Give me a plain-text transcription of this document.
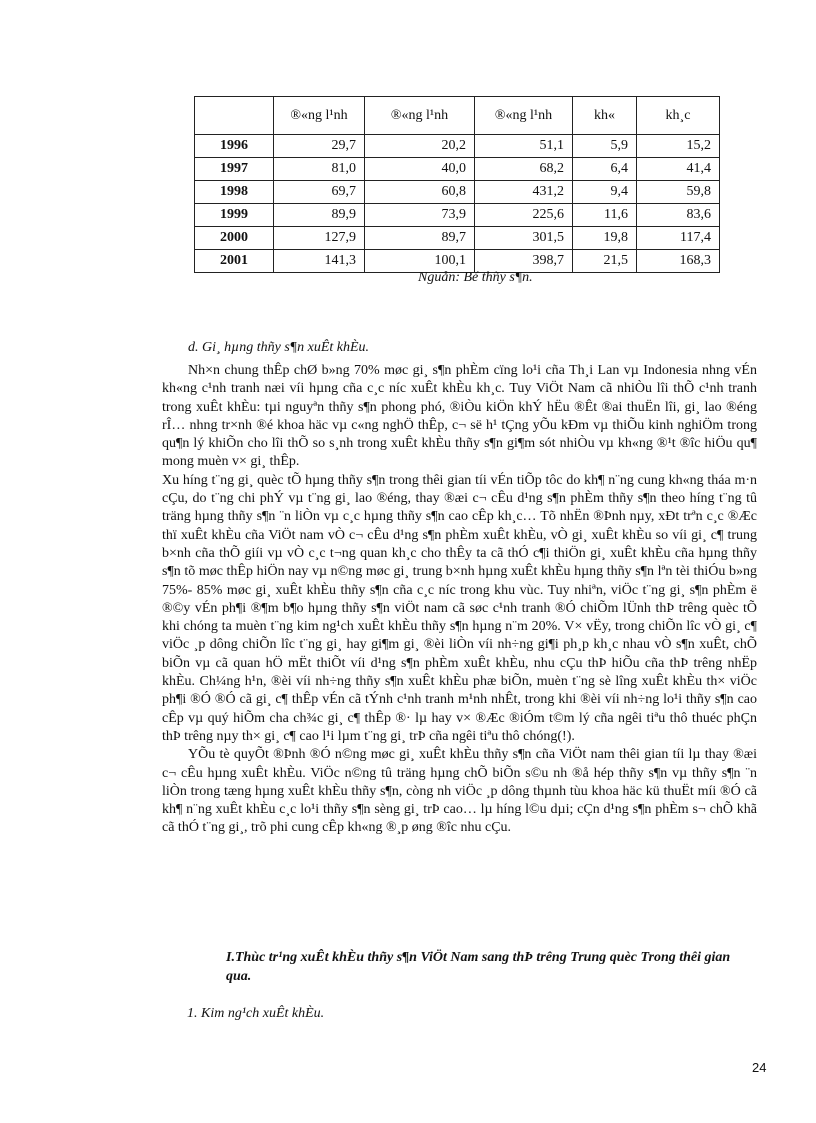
	®«ng l¹nh	®«ng l¹nh	®«ng l¹nh	kh«	kh¸c
1996	29,7	20,2	51,1	5,9	15,2
1997	81,0	40,0	68,2	6,4	41,4
1998	69,7	60,8	431,2	9,4	59,8
1999	89,9	73,9	225,6	11,6	83,6
2000	127,9	89,7	301,5	19,8	117,4
2001	141,3	100,1	398,7	21,5	168,3
Nguån: Bé thñy s¶n.
d. Gi¸ hµng thñy s¶n xuÊt khÈu.

Nh×n chung thÊp chØ b»ng 70% møc gi¸ s¶n phÈm cïng lo¹i cña Th¸i Lan vµ Indonesia nhng vÉn kh«ng c¹nh tranh næi víi hµng cña c¸c níc xuÊt khÈu kh¸c. Tuy ViÖt Nam cã nhiÒu lîi thÕ c¹nh tranh trong xuÊt khÈu: tµi nguyªn thñy s¶n phong phó, ®iÒu kiÖn khÝ hËu ®Êt ®ai thuËn lîi, gi¸ lao ®éng rÎ… nhng tr×nh ®é khoa häc vµ c«ng nghÖ thÊp, c¬ së h¹ tÇng yÕu kÐm vµ thiÕu kinh nghiÖm trong qu¶n lý khiÕn cho lîi thÕ so s¸nh trong xuÊt khÈu thñy s¶n gi¶m sót nhiÒu vµ kh«ng ®¹t ®îc hiÖu qu¶ mong muèn v× gi¸ thÊp.

Xu híng t¨ng gi¸ quèc tÕ hµng thñy s¶n trong thêi gian tíi vÉn tiÕp tôc do kh¶ n¨ng cung kh«ng tháa m·n cÇu, do t¨ng chi phÝ vµ t¨ng gi¸ lao ®éng, thay ®æi c¬ cÊu d¹ng s¶n phÈm thñy s¶n theo híng t¨ng tû träng hµng thñy s¶n ¨n liÒn vµ c¸c hµng thñy s¶n cao cÊp kh¸c… Tõ nhËn ®Þnh nµy, xÐt trªn c¸c ®Æc thï xuÊt khÈu cña ViÖt nam vÒ c¬ cÊu d¹ng s¶n phÈm xuÊt khÈu, vÒ gi¸ xuÊt khÈu so víi gi¸ c¶ trung b×nh cña thÕ giíi vµ vÒ c¸c t¬ng quan kh¸c cho thÊy ta cã thÓ c¶i thiÖn gi¸ xuÊt khÈu cña hµng thñy s¶n tõ møc thÊp hiÖn nay vµ n©ng møc gi¸ trung b×nh hµng xuÊt khÈu hµng thñy s¶n lªn tèi thiÓu b»ng 75%- 85% møc gi¸ xuÊt khÈu thñy s¶n cña c¸c níc trong khu vùc. Tuy nhiªn, viÖc t¨ng gi¸ s¶n phÈm ë ®©y vÉn ph¶i ®¶m b¶o hµng thñy s¶n viÖt nam cã søc c¹nh tranh ®Ó chiÕm lÜnh thÞ trêng quèc tÕ khi chóng ta muèn t¨ng kim ng¹ch xuÊt khÈu thñy s¶n hµng n¨m 20%. V× vËy, trong chiÕn lîc vÒ gi¸ c¶ viÖc ¸p dông chiÕn lîc t¨ng gi¸ hay gi¶m gi¸ ®èi liÒn víi nh÷ng gi¶i ph¸p kh¸c nhau vÒ s¶n xuÊt, chÕ biÕn vµ cã quan hÖ mËt thiÕt víi d¹ng s¶n phÈm xuÊt khÈu, nhu cÇu thÞ hiÕu cña thÞ trêng nhËp khÈu. Ch¼ng h¹n, ®èi víi nh÷ng thñy s¶n xuÊt khÈu phæ biÕn, muèn t¨ng sè lîng xuÊt khÈu th× viÖc ph¶i ®Ó ®Ó cã gi¸ c¶ thÊp vÉn cã tÝnh c¹nh tranh m¹nh nhÊt, trong khi ®èi víi nh÷ng lo¹i thñy s¶n cao cÊp vµ quý hiÕm cha ch¾c gi¸ c¶ thÊp ®· lµ hay v× ®Æc ®iÓm t©m lý cña ngêi tiªu thô thuéc phÇn thÞ trêng nµy th× gi¸ c¶ cao l¹i lµm t¨ng gi¸ trÞ cña ngêi tiªu thô chóng(!).

YÕu tè quyÕt ®Þnh ®Ó n©ng møc gi¸ xuÊt khÈu thñy s¶n cña ViÖt nam thêi gian tíi lµ thay ®æi c¬ cÊu hµng xuÊt khÈu. ViÖc n©ng tû träng hµng chÕ biÕn s©u nh ®å hép thñy s¶n vµ thñy s¶n ¨n liÒn trong tæng hµng xuÊt khÈu thñy s¶n, còng nh viÖc ¸p dông thµnh tùu khoa häc kü thuËt míi ®Ó cã kh¶ n¨ng xuÊt khÈu c¸c lo¹i thñy s¶n sèng gi¸ trÞ cao… lµ híng l©u dµi; cÇn d¹ng s¶n phÈm s¬ chÕ khã cã thÓ t¨ng gi¸, trõ phi cung cÊp kh«ng ®¸p øng ®îc nhu cÇu.

I.Thùc tr¹ng xuÊt khÈu thñy s¶n ViÖt Nam sang thÞ trêng Trung quèc Trong thêi gian qua.
1. Kim ng¹ch xuÊt khÈu.
24
